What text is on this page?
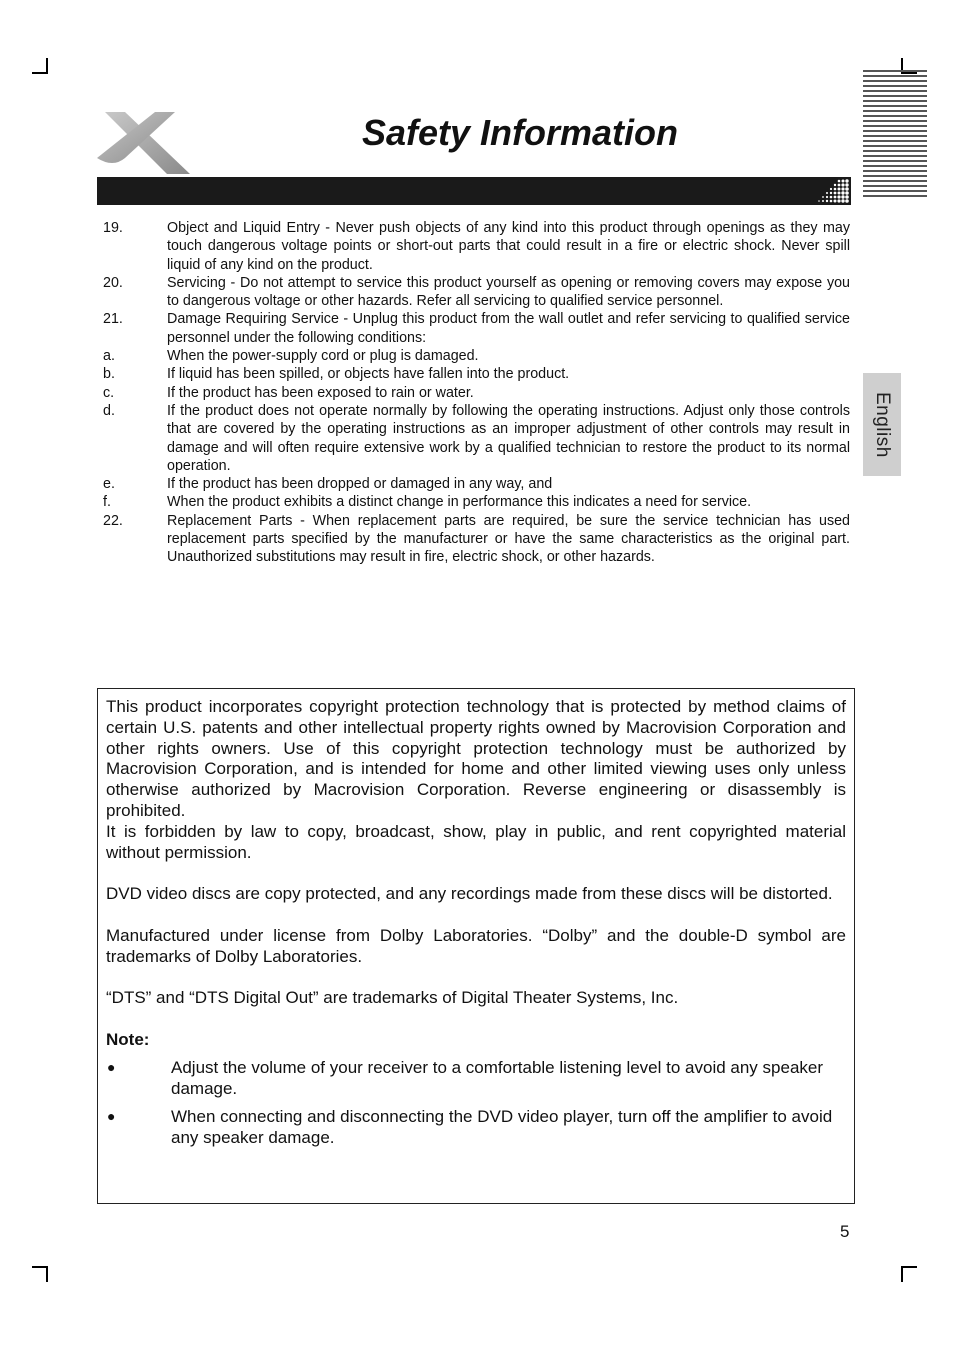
Safety Information
English
19.	Object and Liquid Entry - Never push objects of any kind into this product through openings as they may touch dangerous voltage points or short-out parts that could result in a fire or electric shock. Never spill liquid of any kind on the product.
20.	Servicing - Do not attempt to service this product yourself as opening or removing covers may expose you to dangerous voltage or other hazards. Refer all servicing to qualified service personnel.
21.	Damage Requiring Service - Unplug this product from the wall outlet and refer servicing to qualified service personnel under the following conditions:
a.	When the power-supply cord or plug is damaged.
b.	If liquid has been spilled, or objects have fallen into the product.
c.	If the product has been exposed to rain or water.
d.	If the product does not operate normally by following the operating instructions. Adjust only those controls that are covered by the operating instructions as an improper adjustment of other controls may result in damage and will often require extensive work by a qualified technician to restore the product to its normal operation.
e.	If the product has been dropped or damaged in any way, and
f.	When the product exhibits a distinct change in performance this indicates a need for service.
22.	Replacement Parts - When replacement parts are required, be sure the service technician has used replacement parts specified by the manufacturer or have the same characteristics as the original part. Unauthorized substitutions may result in fire, electric shock, or other hazards.

This product incorporates copyright protection technology that is protected by method claims of certain U.S. patents and other intellectual property rights owned by Macrovision Corporation and other rights owners. Use of this copyright protection technology must be authorized by Macrovision Corporation, and is intended for home and other limited viewing uses only unless otherwise authorized by Macrovision Corporation. Reverse engineering or disassembly is prohibited.

It is forbidden by law to copy, broadcast, show, play in public, and rent copyrighted material without permission.

DVD video discs are copy protected, and any recordings made from these discs will be distorted.

Manufactured under license from Dolby Laboratories. “Dolby” and the double-D symbol are trademarks of Dolby Laboratories.

“DTS” and “DTS Digital Out” are trademarks of Digital Theater Systems, Inc.

Note:

●	Adjust the volume of your receiver to a comfortable listening level to avoid any speaker damage.
●	When connecting and disconnecting the DVD video player, turn off the amplifier to avoid any speaker damage.
5
